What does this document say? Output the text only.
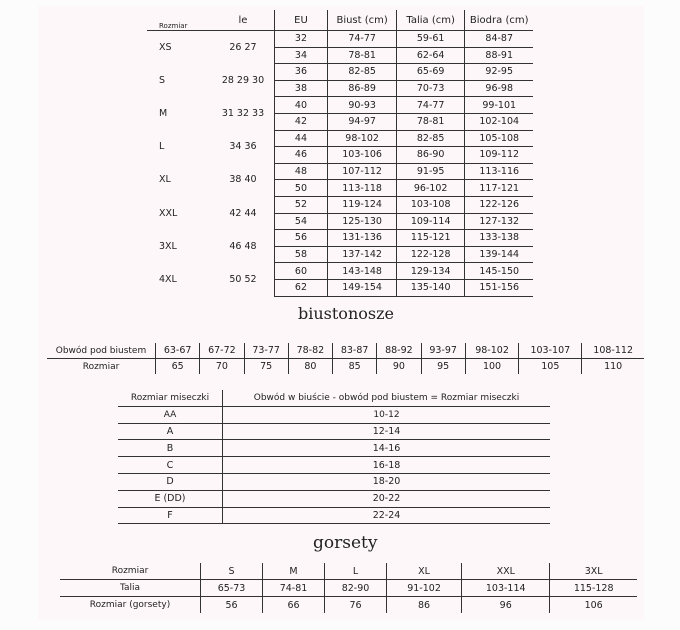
Rozmiar	le	EU	Biust (cm)	Talia (cm)	Biodra (cm)
XS	26 27	32	74-77	59-61	84-87
		34	78-81	62-64	88-91
S	28 29 30	36	82-85	65-69	92-95
		38	86-89	70-73	96-98
M	31 32 33	40	90-93	74-77	99-101
		42	94-97	78-81	102-104
L	34 36	44	98-102	82-85	105-108
		46	103-106	86-90	109-112
XL	38 40	48	107-112	91-95	113-116
		50	113-118	96-102	117-121
XXL	42 44	52	119-124	103-108	122-126
		54	125-130	109-114	127-132
3XL	46 48	56	131-136	115-121	133-138
		58	137-142	122-128	139-144
4XL	50 52	60	143-148	129-134	145-150
		62	149-154	135-140	151-156
biustonosze
Obwód pod biustem	63-67	67-72	73-77	78-82	83-87	88-92	93-97	98-102	103-107	108-112
Rozmiar	65	70	75	80	85	90	95	100	105	110
Rozmiar miseczki	Obwód w biuście - obwód pod biustem = Rozmiar miseczki
AA	10-12
A	12-14
B	14-16
C	16-18
D	18-20
E (DD)	20-22
F	22-24
gorsety
Rozmiar	S	M	L	XL	XXL	3XL
Talia	65-73	74-81	82-90	91-102	103-114	115-128
Rozmiar (gorsety)	56	66	76	86	96	106
